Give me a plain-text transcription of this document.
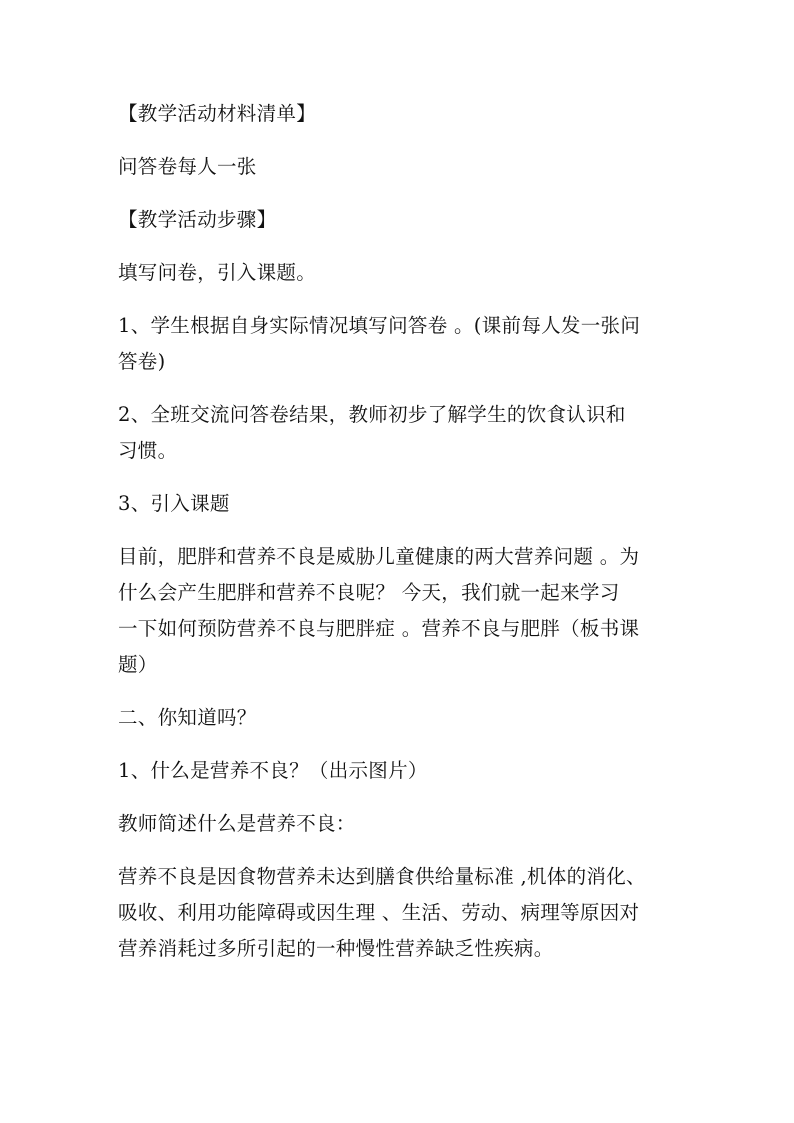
【教学活动材料清单】

问答卷每人一张

【教学活动步骤】

填写问卷，引入课题。

1、学生根据自身实际情况填写问答卷 。(课前每人发一张问

答卷)

2、全班交流问答卷结果，教师初步了解学生的饮食认识和

习惯。

3、引入课题

目前，肥胖和营养不良是威胁儿童健康的两大营养问题 。为

什么会产生肥胖和营养不良呢？ 今天，我们就一起来学习

一下如何预防营养不良与肥胖症 。营养不良与肥胖（板书课

题）

二、你知道吗？

1、什么是营养不良？（出示图片）

教师简述什么是营养不良：

营养不良是因食物营养未达到膳食供给量标准 ,机体的消化、

吸收、利用功能障碍或因生理 、生活、劳动、病理等原因对

营养消耗过多所引起的一种慢性营养缺乏性疾病。
